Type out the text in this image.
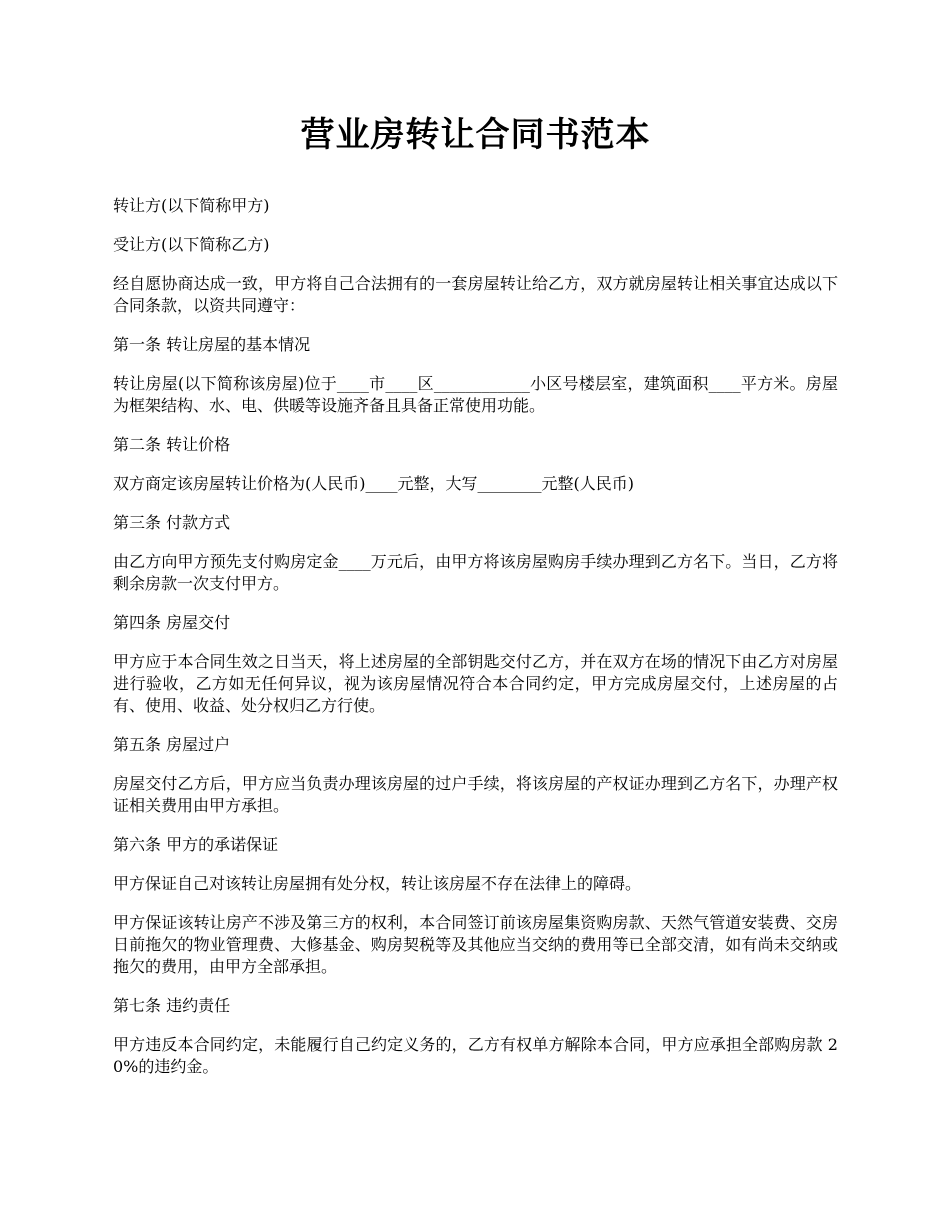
营业房转让合同书范本

转让方(以下简称甲方)

受让方(以下简称乙方)

经自愿协商达成一致，甲方将自己合法拥有的一套房屋转让给乙方，双方就房屋转让相关事宜达成以下合同条款，以资共同遵守：

第一条 转让房屋的基本情况

转让房屋(以下简称该房屋)位于____市____区____________小区号楼层室，建筑面积____平方米。房屋为框架结构、水、电、供暖等设施齐备且具备正常使用功能。

第二条 转让价格

双方商定该房屋转让价格为(人民币)____元整，大写________元整(人民币)

第三条 付款方式

由乙方向甲方预先支付购房定金____万元后，由甲方将该房屋购房手续办理到乙方名下。当日，乙方将剩余房款一次支付甲方。

第四条 房屋交付

甲方应于本合同生效之日当天，将上述房屋的全部钥匙交付乙方，并在双方在场的情况下由乙方对房屋进行验收，乙方如无任何异议，视为该房屋情况符合本合同约定，甲方完成房屋交付，上述房屋的占有、使用、收益、处分权归乙方行使。

第五条 房屋过户

房屋交付乙方后，甲方应当负责办理该房屋的过户手续，将该房屋的产权证办理到乙方名下，办理产权证相关费用由甲方承担。

第六条 甲方的承诺保证

甲方保证自己对该转让房屋拥有处分权，转让该房屋不存在法律上的障碍。

甲方保证该转让房产不涉及第三方的权利，本合同签订前该房屋集资购房款、天然气管道安装费、交房日前拖欠的物业管理费、大修基金、购房契税等及其他应当交纳的费用等已全部交清，如有尚未交纳或拖欠的费用，由甲方全部承担。

第七条 违约责任

甲方违反本合同约定，未能履行自己约定义务的，乙方有权单方解除本合同，甲方应承担全部购房款 20%的违约金。
